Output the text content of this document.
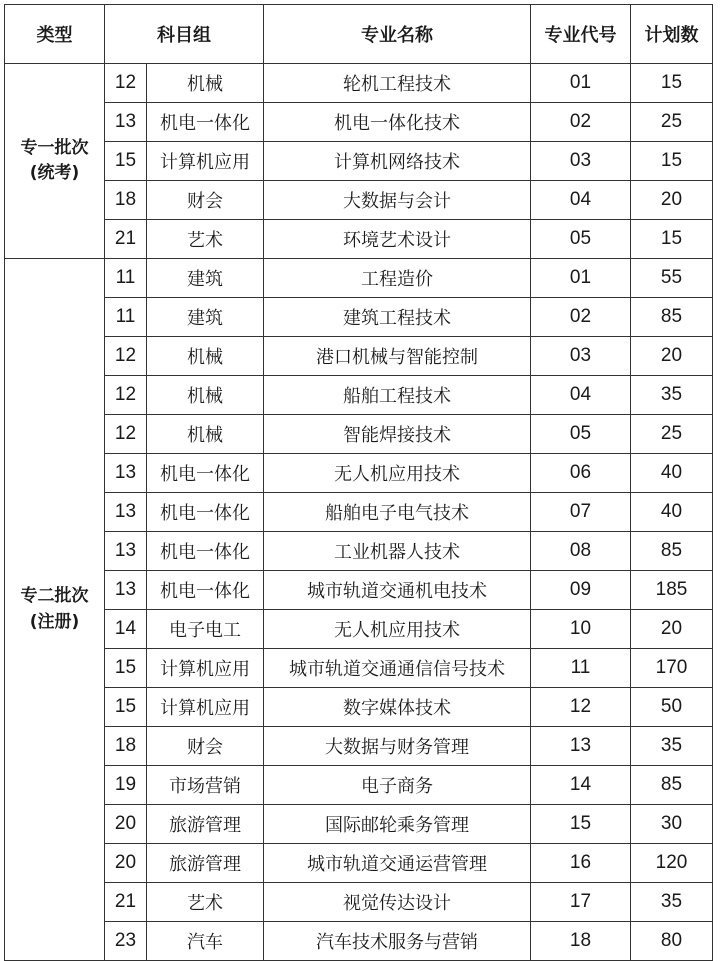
类型	科目组		专业名称	专业代号	计划数

专一批次
(统考)	12	机械	轮机工程技术	01	15
	13	机电一体化	机电一体化技术	02	25
	15	计算机应用	计算机网络技术	03	15
	18	财会	大数据与会计	04	20
	21	艺术	环境艺术设计	05	15

专二批次
(注册)	11	建筑	工程造价	01	55
	11	建筑	建筑工程技术	02	85
	12	机械	港口机械与智能控制	03	20
	12	机械	船舶工程技术	04	35
	12	机械	智能焊接技术	05	25
	13	机电一体化	无人机应用技术	06	40
	13	机电一体化	船舶电子电气技术	07	40
	13	机电一体化	工业机器人技术	08	85
	13	机电一体化	城市轨道交通机电技术	09	185
	14	电子电工	无人机应用技术	10	20
	15	计算机应用	城市轨道交通通信信号技术	11	170
	15	计算机应用	数字媒体技术	12	50
	18	财会	大数据与财务管理	13	35
	19	市场营销	电子商务	14	85
	20	旅游管理	国际邮轮乘务管理	15	30
	20	旅游管理	城市轨道交通运营管理	16	120
	21	艺术	视觉传达设计	17	35
	23	汽车	汽车技术服务与营销	18	80
